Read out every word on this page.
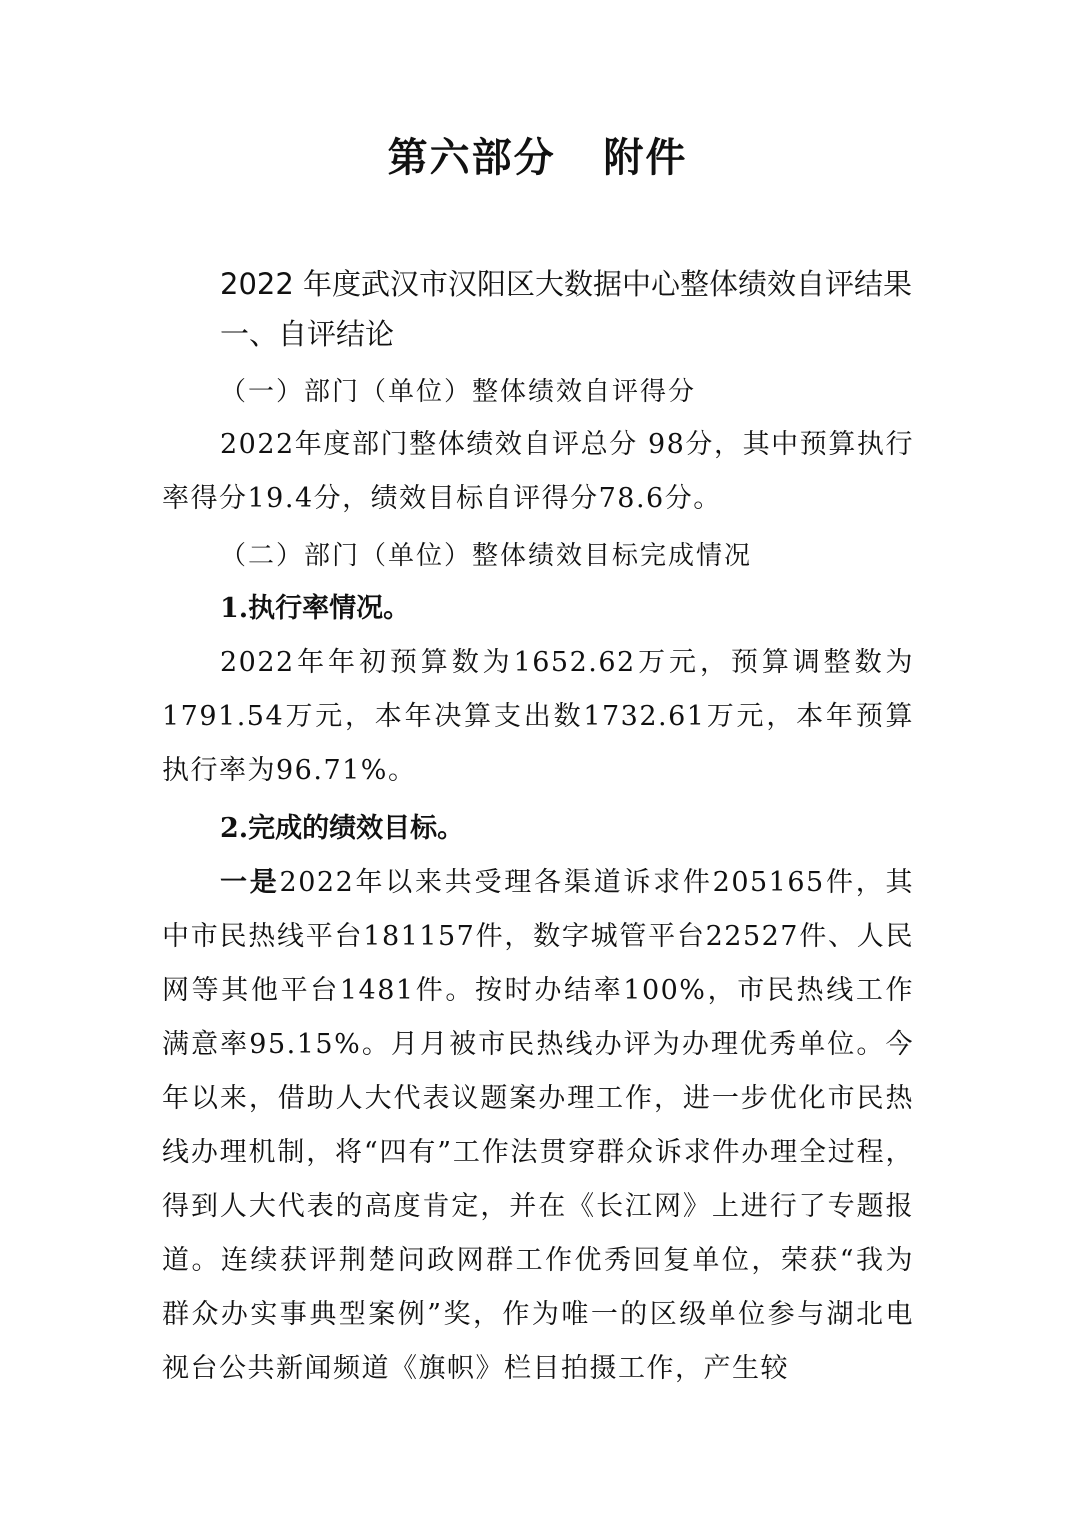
第六部分   附件
2022 年度武汉市汉阳区大数据中心整体绩效自评结果
一、自评结论
（一）部门（单位）整体绩效自评得分

2022年度部门整体绩效自评总分 98分，其中预算执行率得分19.4分，绩效目标自评得分78.6分。

（二）部门（单位）整体绩效目标完成情况
1.执行率情况。

2022年年初预算数为1652.62万元，预算调整数为1791.54万元，本年决算支出数1732.61万元，本年预算执行率为96.71%。

2.完成的绩效目标。

一是2022年以来共受理各渠道诉求件205165件，其中市民热线平台181157件，数字城管平台22527件、人民网等其他平台1481件。按时办结率100%，市民热线工作满意率95.15%。月月被市民热线办评为办理优秀单位。今年以来，借助人大代表议题案办理工作，进一步优化市民热线办理机制，将“四有”工作法贯穿群众诉求件办理全过程，得到人大代表的高度肯定，并在《长江网》上进行了专题报道。连续获评荆楚问政网群工作优秀回复单位，荣获“我为群众办实事典型案例”奖，作为唯一的区级单位参与湖北电视台公共新闻频道《旗帜》栏目拍摄工作，产生较
